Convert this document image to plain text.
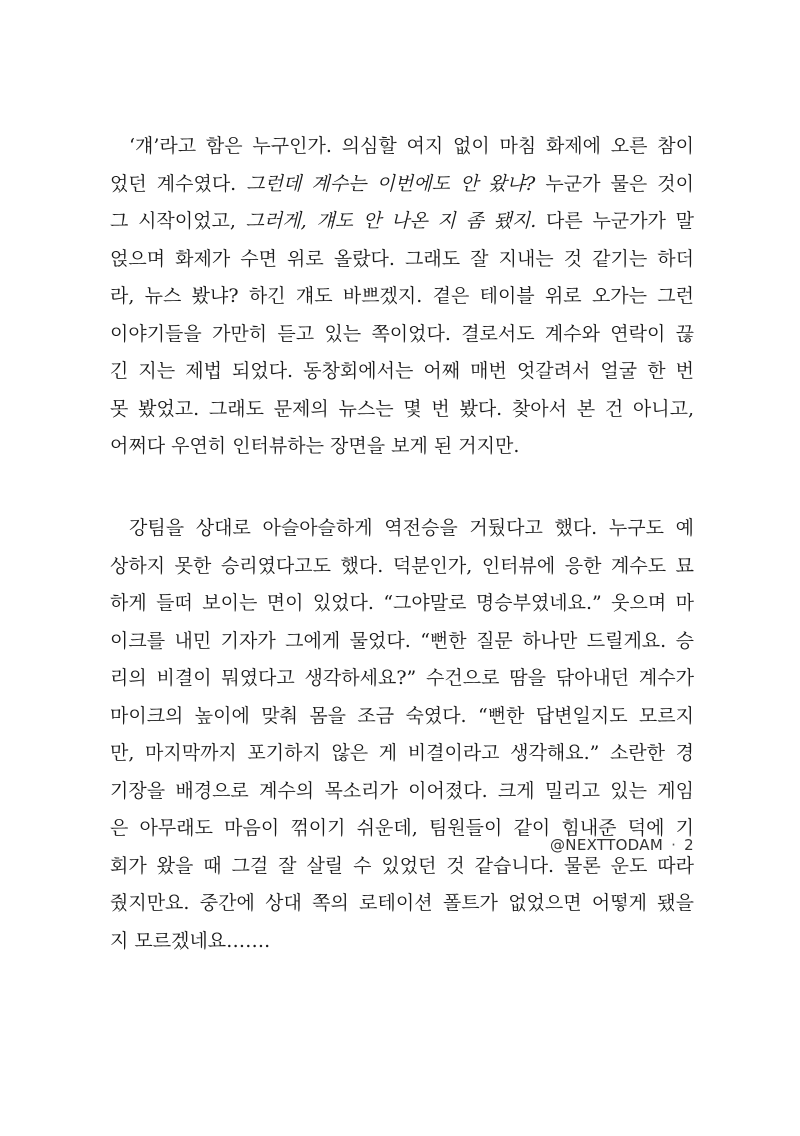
‘걔’라고 함은 누구인가. 의심할 여지 없이 마침 화제에 오른 참이
었던 계수였다. 그런데 계수는 이번에도 안 왔냐? 누군가 물은 것이
그 시작이었고, 그러게, 걔도 안 나온 지 좀 됐지. 다른 누군가가 말
얹으며 화제가 수면 위로 올랐다. 그래도 잘 지내는 것 같기는 하더
라, 뉴스 봤냐? 하긴 걔도 바쁘겠지. 곁은 테이블 위로 오가는 그런
이야기들을 가만히 듣고 있는 쪽이었다. 결로서도 계수와 연락이 끊
긴 지는 제법 되었다. 동창회에서는 어째 매번 엇갈려서 얼굴 한 번
못 봤었고. 그래도 문제의 뉴스는 몇 번 봤다. 찾아서 본 건 아니고,
어쩌다 우연히 인터뷰하는 장면을 보게 된 거지만.
강팀을 상대로 아슬아슬하게 역전승을 거뒀다고 했다. 누구도 예
상하지 못한 승리였다고도 했다. 덕분인가, 인터뷰에 응한 계수도 묘
하게 들떠 보이는 면이 있었다. “그야말로 명승부였네요.” 웃으며 마
이크를 내민 기자가 그에게 물었다. “뻔한 질문 하나만 드릴게요. 승
리의 비결이 뭐였다고 생각하세요?” 수건으로 땀을 닦아내던 계수가
마이크의 높이에 맞춰 몸을 조금 숙였다. “뻔한 답변일지도 모르지
만, 마지막까지 포기하지 않은 게 비결이라고 생각해요.” 소란한 경
기장을 배경으로 계수의 목소리가 이어졌다. 크게 밀리고 있는 게임
은 아무래도 마음이 꺾이기 쉬운데, 팀원들이 같이 힘내준 덕에 기
회가 왔을 때 그걸 잘 살릴 수 있었던 것 같습니다. 물론 운도 따라
줬지만요. 중간에 상대 쪽의 로테이션 폴트가 없었으면 어떻게 됐을
지 모르겠네요…….
@NEXTTODAM · 2
